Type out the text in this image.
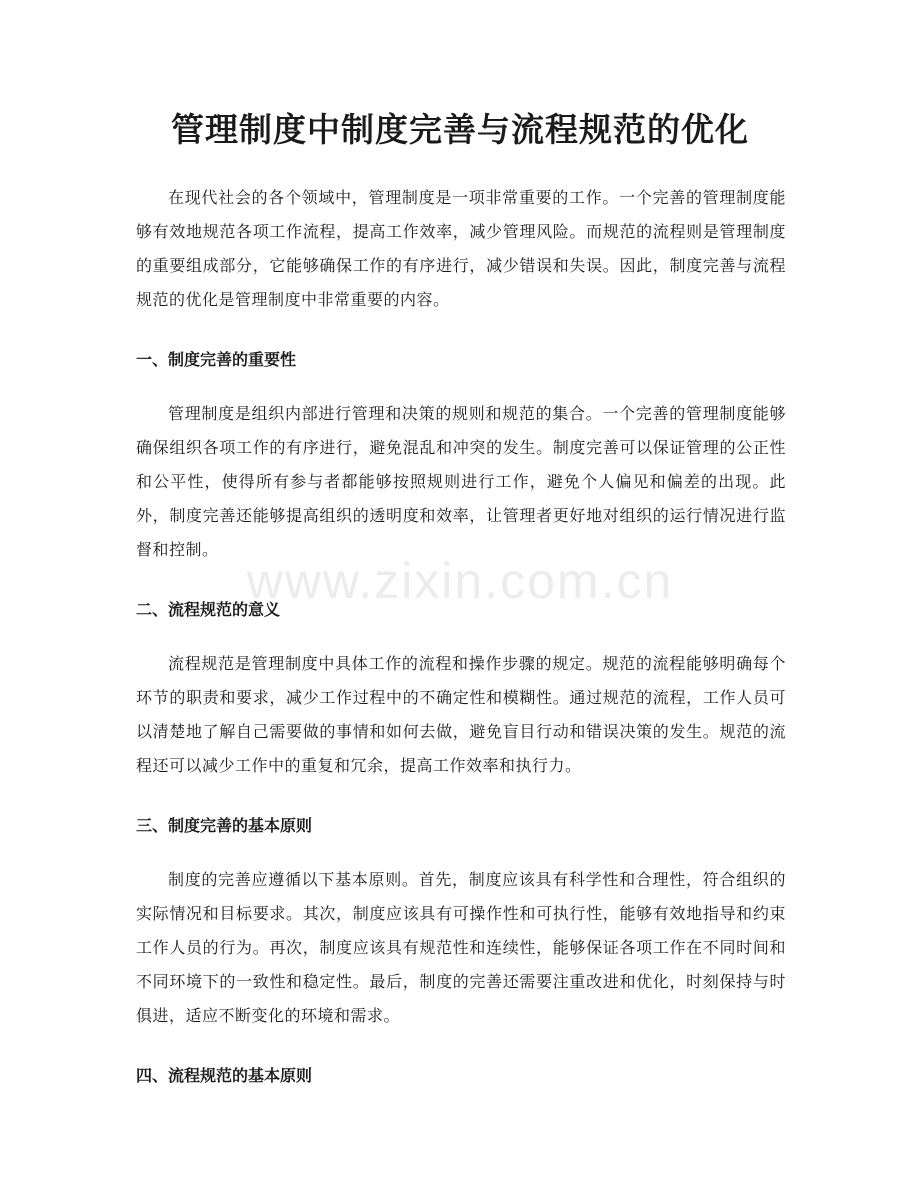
管理制度中制度完善与流程规范的优化
www.zixin.com.cn

在现代社会的各个领域中，管理制度是一项非常重要的工作。一个完善的管理制度能够有效地规范各项工作流程，提高工作效率，减少管理风险。而规范的流程则是管理制度的重要组成部分，它能够确保工作的有序进行，减少错误和失误。因此，制度完善与流程规范的优化是管理制度中非常重要的内容。

一、制度完善的重要性

管理制度是组织内部进行管理和决策的规则和规范的集合。一个完善的管理制度能够确保组织各项工作的有序进行，避免混乱和冲突的发生。制度完善可以保证管理的公正性和公平性，使得所有参与者都能够按照规则进行工作，避免个人偏见和偏差的出现。此外，制度完善还能够提高组织的透明度和效率，让管理者更好地对组织的运行情况进行监督和控制。

二、流程规范的意义

流程规范是管理制度中具体工作的流程和操作步骤的规定。规范的流程能够明确每个环节的职责和要求，减少工作过程中的不确定性和模糊性。通过规范的流程，工作人员可以清楚地了解自己需要做的事情和如何去做，避免盲目行动和错误决策的发生。规范的流程还可以减少工作中的重复和冗余，提高工作效率和执行力。

三、制度完善的基本原则

制度的完善应遵循以下基本原则。首先，制度应该具有科学性和合理性，符合组织的实际情况和目标要求。其次，制度应该具有可操作性和可执行性，能够有效地指导和约束工作人员的行为。再次，制度应该具有规范性和连续性，能够保证各项工作在不同时间和不同环境下的一致性和稳定性。最后，制度的完善还需要注重改进和优化，时刻保持与时俱进，适应不断变化的环境和需求。

四、流程规范的基本原则
